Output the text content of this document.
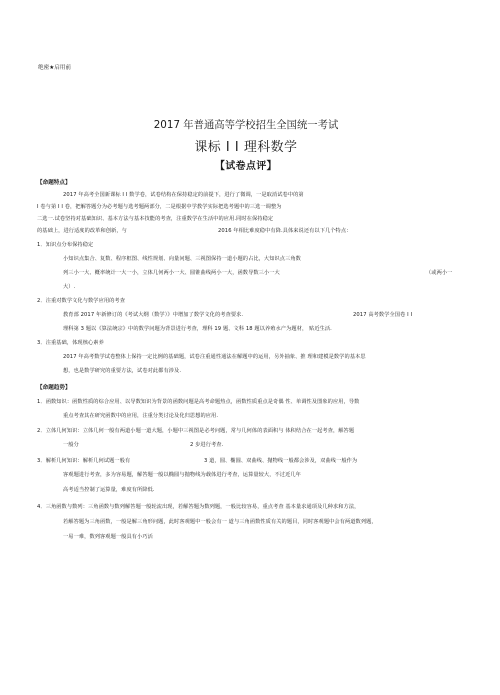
绝密★启用前
2017 年普通高等学校招生全国统一考试
课标 I I 理科数学
【试卷点评】
【命题特点】
2017 年高考全国新课标 I I 数学卷，试卷结构在保持稳定的前提下，进行了微调，一是取消试卷中的第
I 卷与第 I I 卷，把解答题分为必考题与选考题两部分，二是根据中学教学实际把选考题中的三选一调整为
二选一.试卷坚持对基础知识、基本方法与基本技能的考查，注重数学在生活中的应用.同时在保持稳定
的基础上，进行适度的改革和创新，与	2016 年相比难度稳中有降.具体来说还有以下几个特点：
1．知识点分布保持稳定
小知识点集合、复数、程序框图、线性规划、向量问题、三视图保持一道小题的占比，大知识点三角数
列三小一大、概率统计一大一小，立体几何两小一大、圆锥曲线两小一大，函数导数三小一大	（或两小一
大）.
2．注重对数学文化与数学应用的考查
教育部 2017 年新修订的《考试大纲（数学）》中增加了数学文化的考查要求.	2017 高考数学全国卷 I I
理科第 3 题以《算法统宗》中的数学问题为背景进行考查，理科 19 题、文科 18 题以养殖水产为题材， 贴近生活.
3．注重基础，体现核心素养
2017 年高考数学试卷整体上保持一定比例的基础题，试卷注重通性通法在解题中的运用，另外抽象、推 理和建模是数学的基本思
想，也是数学研究的重要方法，试卷对此都有涉及.
【命题趋势】
1．函数知识：函数性质的综合应用、以导数知识为背景的函数问题是高考命题热点，函数性质重点是奇偶 性、单调性及图象的应用，导数
重点考查其在研究函数中的应用，注重分类讨论及化归思想的应用.
2．立体几何知识：立体几何一般有两道小题一道大题，小题中三视图是必考问题，常与几何体的表面积与 体积结合在一起考查，解答题
一般分	2 步进行考查.
3．解析几何知识：解析几何试题一般有	3 道，圆、椭圆、双曲线、抛物线一般都会涉及，双曲线一般作为
客观题进行考查，多为容易题，解答题一般以椭圆与抛物线为载体进行考查，运算量较大，不过近几年
高考适当控制了运算量，难度有所降低.
4．三角函数与数列：三角函数与数列解答题一般轮流出现，若解答题为数列题，一般比较容易，重点考查 基本量求通项及几种求和方法，
若解答题为三角函数，一般是解三角形问题，此时客观题中一般会有一 道与三角函数性质有关的题目，同时客观题中会有两道数列题，
一易一难，数列客观题一般具有小巧活
